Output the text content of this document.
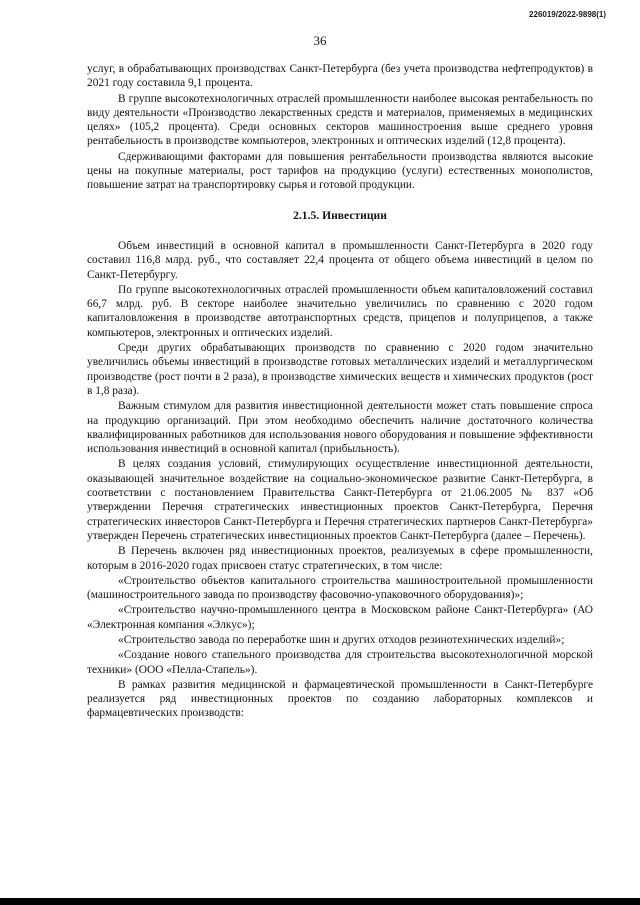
226019/2022-9898(1)
36

услуг, в обрабатывающих производствах Санкт-Петербурга (без учета производства нефтепродуктов) в 2021 году составила 9,1 процента.

В группе высокотехнологичных отраслей промышленности наиболее высокая рентабельность по виду деятельности «Производство лекарственных средств и материалов, применяемых в медицинских целях» (105,2 процента). Среди основных секторов машиностроения выше среднего уровня рентабельность в производстве компьютеров, электронных и оптических изделий (12,8 процента).

Сдерживающими факторами для повышения рентабельности производства являются высокие цены на покупные материалы, рост тарифов на продукцию (услуги) естественных монополистов, повышение затрат на транспортировку сырья и готовой продукции.

2.1.5. Инвестиции

Объем инвестиций в основной капитал в промышленности Санкт-Петербурга в 2020 году составил 116,8 млрд. руб., что составляет 22,4 процента от общего объема инвестиций в целом по Санкт-Петербургу.

По группе высокотехнологичных отраслей промышленности объем капиталовложений составил 66,7 млрд. руб. В секторе наиболее значительно увеличились по сравнению с 2020 годом капиталовложения в производстве автотранспортных средств, прицепов и полуприцепов, а также компьютеров, электронных и оптических изделий.

Среди других обрабатывающих производств по сравнению с 2020 годом значительно увеличились объемы инвестиций в производстве готовых металлических изделий и металлургическом производстве (рост почти в 2 раза), в производстве химических веществ и химических продуктов (рост в 1,8 раза).

Важным стимулом для развития инвестиционной деятельности может стать повышение спроса на продукцию организаций. При этом необходимо обеспечить наличие достаточного количества квалифицированных работников для использования нового оборудования и повышение эффективности использования инвестиций в основной капитал (прибыльность).

В целях создания условий, стимулирующих осуществление инвестиционной деятельности, оказывающей значительное воздействие на социально-экономическое развитие Санкт-Петербурга, в соответствии с постановлением Правительства Санкт-Петербурга от 21.06.2005 № 837 «Об утверждении Перечня стратегических инвестиционных проектов Санкт-Петербурга, Перечня стратегических инвесторов Санкт-Петербурга и Перечня стратегических партнеров Санкт-Петербурга» утвержден Перечень стратегических инвестиционных проектов Санкт-Петербурга (далее – Перечень).

В Перечень включен ряд инвестиционных проектов, реализуемых в сфере промышленности, которым в 2016-2020 годах присвоен статус стратегических, в том числе:

«Строительство объектов капитального строительства машиностроительной промышленности (машиностроительного завода по производству фасовочно-упаковочного оборудования)»;

«Строительство научно-промышленного центра в Московском районе Санкт-Петербурга» (АО «Электронная компания «Элкус»);

«Строительство завода по переработке шин и других отходов резинотехнических изделий»;

«Создание нового стапельного производства для строительства высокотехнологичной морской техники» (ООО «Пелла-Стапель»).

В рамках развития медицинской и фармацевтической промышленности в Санкт-Петербурге реализуется ряд инвестиционных проектов по созданию лабораторных комплексов и фармацевтических производств:
